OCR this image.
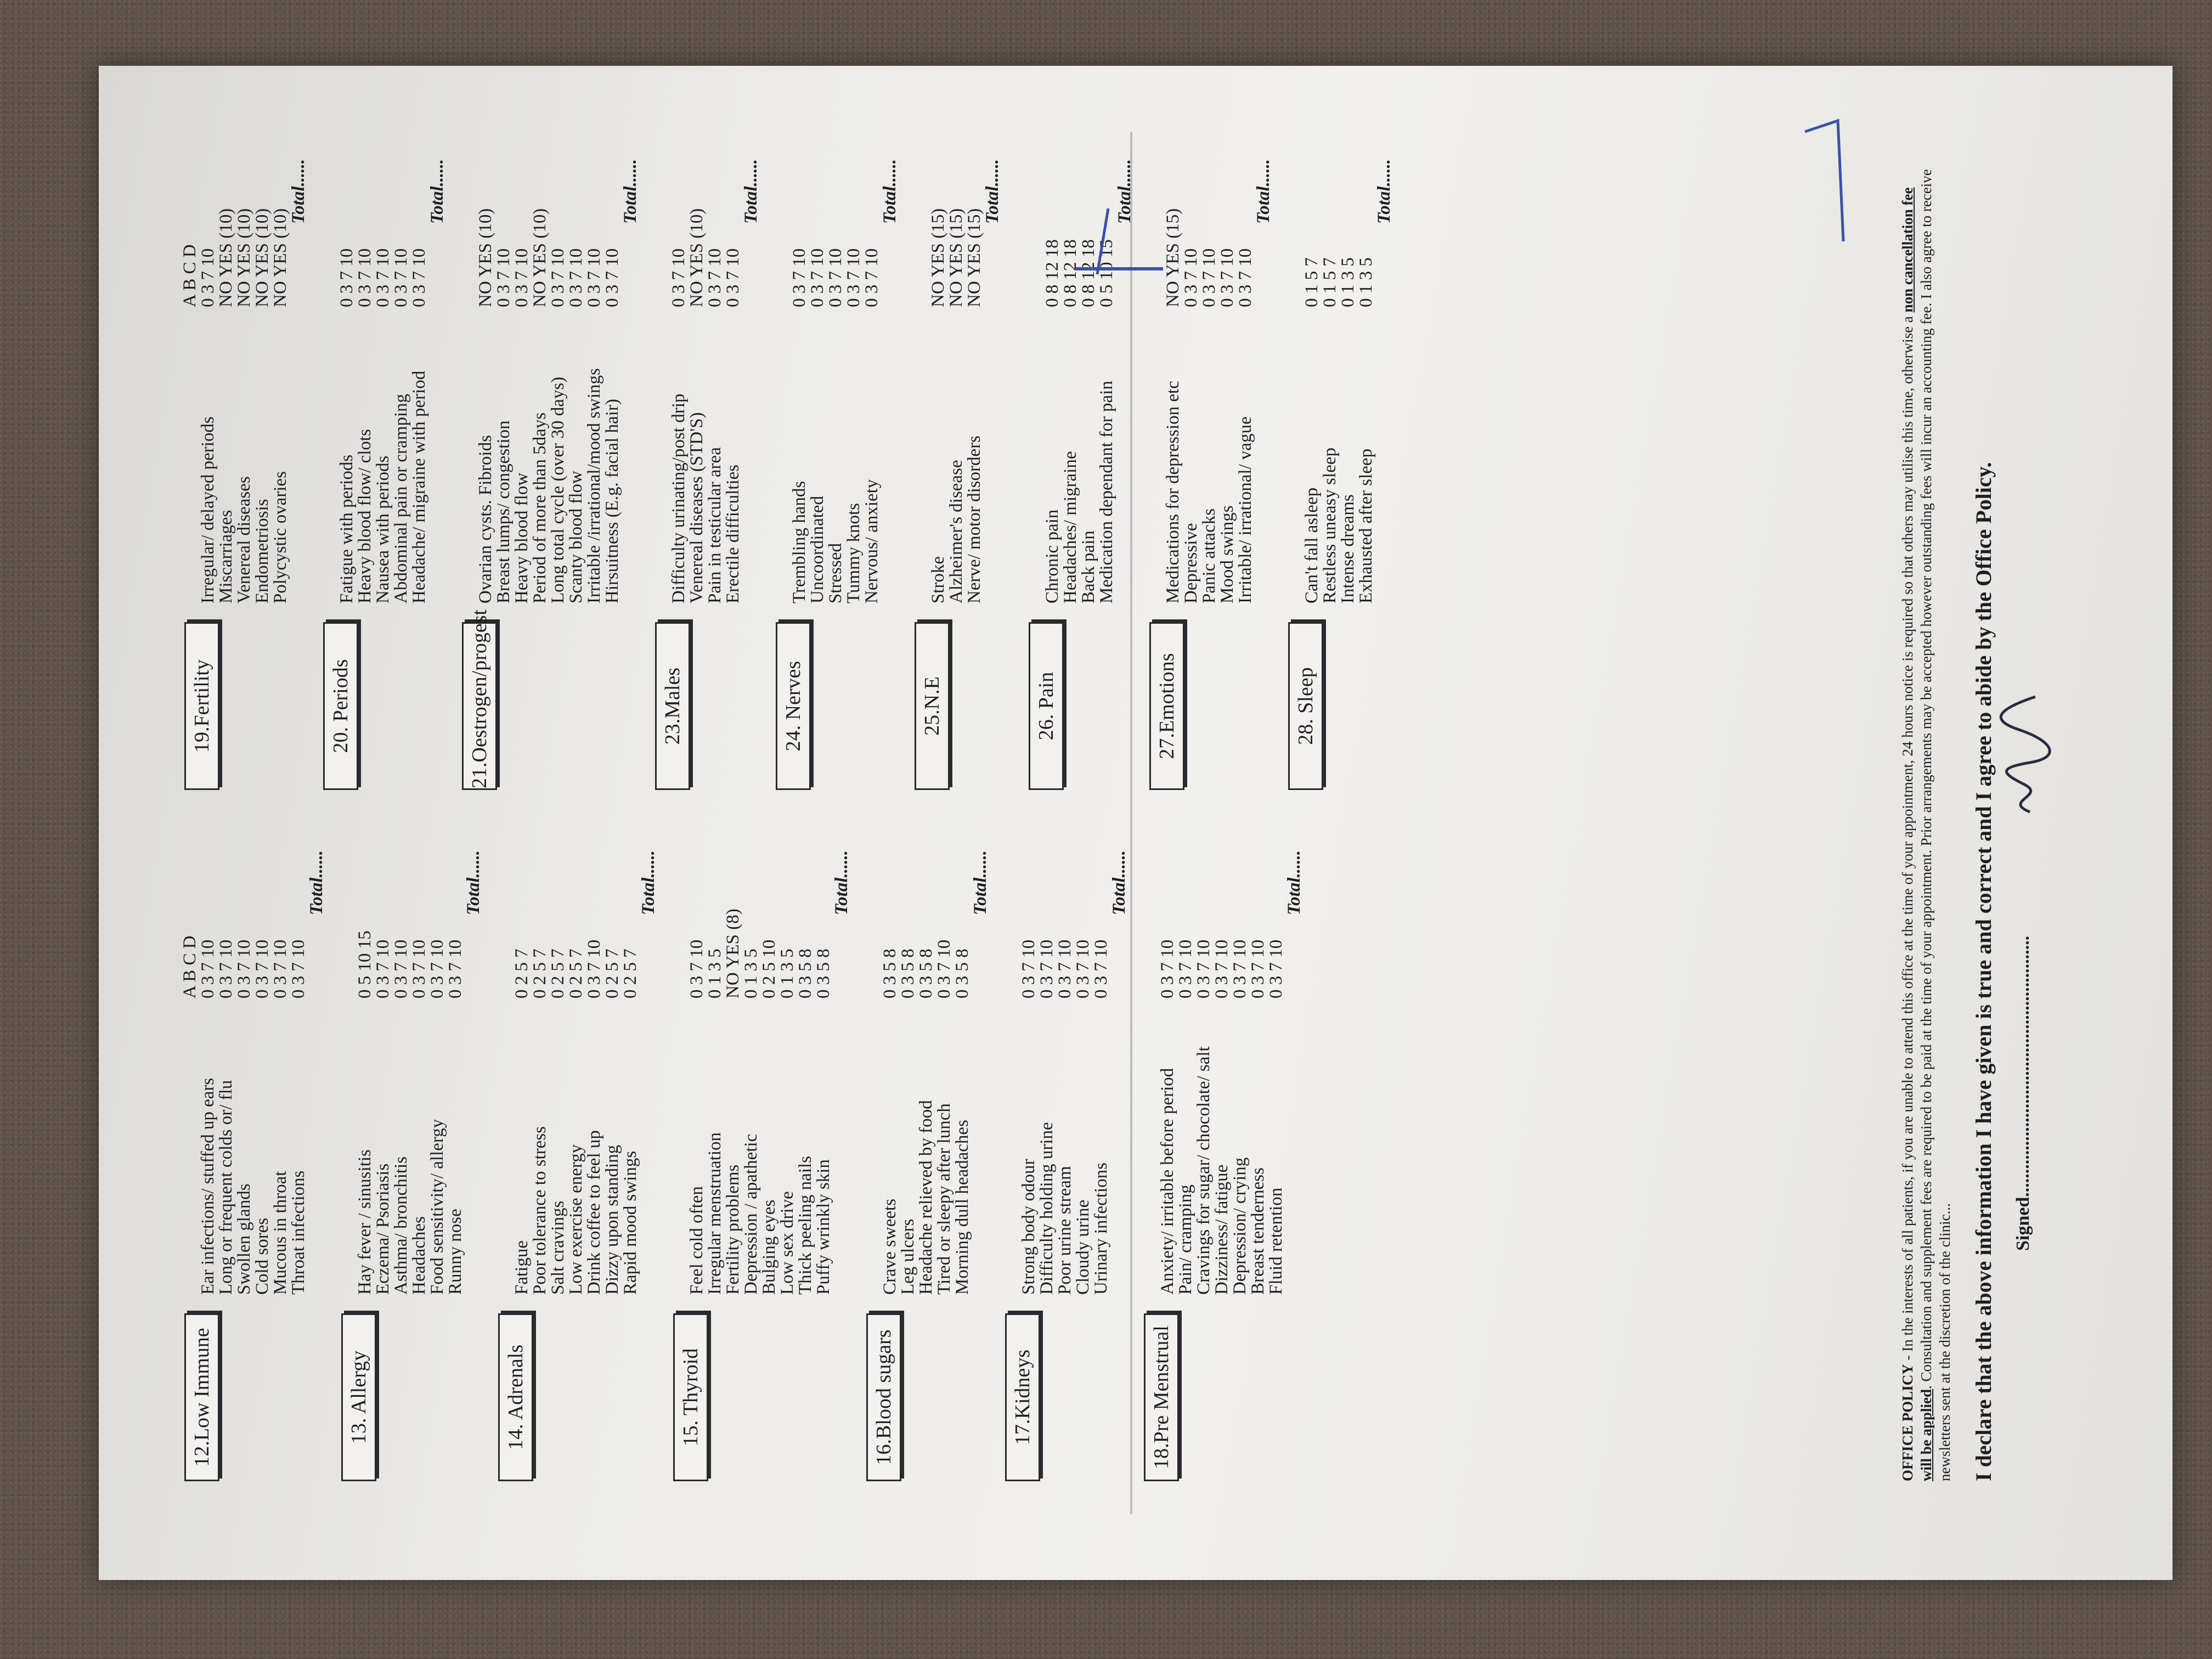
12.Low Immune
Ear infections/ stuffed up ears
Long or frequent colds or/ flu
Swollen glands
Cold sores
Mucous in throat
Throat infections
A B C D
0 3 7 10
0 3 7 10
0 3 7 10
0 3 7 10
0 3 7 10
0 3 7 10
Total......
13. Allergy
Hay fever / sinusitis
Eczema/ Psoriasis
Asthma/ bronchitis
Headaches
Food sensitivity/ allergy
Runny nose
0 5 10 15
0 3 7 10
0 3 7 10
0 3 7 10
0 3 7 10
0 3 7 10
Total......
14. Adrenals
Fatigue
Poor tolerance to stress
Salt cravings
Low exercise energy
Drink coffee to feel up
Dizzy upon standing
Rapid mood swings
0 2 5 7
0 2 5 7
0 2 5 7
0 2 5 7
0 3 7 10
0 2 5 7
0 2 5 7
Total......
15. Thyroid
Feel cold often
Irregular menstruation
Fertility problems
Depression / apathetic
Bulging eyes
Low sex drive
Thick peeling nails
Puffy wrinkly skin
0 3 7 10
0 1 3 5
NO YES (8)
0 1 3 5
0 2 5 10
0 1 3 5
0 3 5 8
0 3 5 8
Total......
16.Blood sugars
Crave sweets
Leg ulcers
Headache relieved by food
Tired or sleepy after lunch
Morning dull headaches
0 3 5 8
0 3 5 8
0 3 5 8
0 3 7 10
0 3 5 8
Total......
17.Kidneys
Strong body odour
Difficulty holding urine
Poor urine stream
Cloudy urine
Urinary infections
0 3 7 10
0 3 7 10
0 3 7 10
0 3 7 10
0 3 7 10
Total......
18.Pre Menstrual
Anxiety/ irritable before period
Pain/ cramping
Cravings for sugar/ chocolate/ salt
Dizziness/ fatigue
Depression/ crying
Breast tenderness
Fluid retention
0 3 7 10
0 3 7 10
0 3 7 10
0 3 7 10
0 3 7 10
0 3 7 10
0 3 7 10
Total......
19.Fertility
Irregular/ delayed periods
Miscarriages
Venereal diseases
Endometriosis
Polycystic ovaries
A B C D
0 3 7 10
NO YES (10)
NO YES (10)
NO YES (10)
NO YES (10)
Total......
20. Periods
Fatigue with periods
Heavy blood flow/ clots
Nausea with periods
Abdominal pain or cramping
Headache/ migraine with period
0 3 7 10
0 3 7 10
0 3 7 10
0 3 7 10
0 3 7 10
Total......
21.Oestrogen/progest
Ovarian cysts. Fibroids
Breast lumps/ congestion
Heavy blood flow
Period of more than 5days
Long total cycle (over 30 days)
Scanty blood flow
Irritable /irrational/mood swings
Hirsuitness (E.g. facial hair)
NO YES (10)
0 3 7 10
0 3 7 10
NO YES (10)
0 3 7 10
0 3 7 10
0 3 7 10
0 3 7 10
Total......
23.Males
Difficulty urinating/post drip
Venereal diseases (STD'S)
Pain in testicular area
Erectile difficulties
0 3 7 10
NO YES (10)
0 3 7 10
0 3 7 10
Total......
24. Nerves
Trembling hands
Uncoordinated
Stressed
Tummy knots
Nervous/ anxiety
0 3 7 10
0 3 7 10
0 3 7 10
0 3 7 10
0 3 7 10
Total......
25.N.E
Stroke
Alzheimer's disease
Nerve/ motor disorders
NO YES (15)
NO YES (15)
NO YES (15)
Total......
26. Pain
Chronic pain
Headaches/ migraine
Back pain
Medication dependant for pain
0 8 12 18
0 8 12 18
0 8 12 18
0 5 10 15
Total......
27.Emotions
Medications for depression etc
Depressive
Panic attacks
Mood swings
Irritable/ irrational/ vague
NO YES (15)
0 3 7 10
0 3 7 10
0 3 7 10
0 3 7 10
Total......
28. Sleep
Can't fall asleep
Restless uneasy sleep
Intense dreams
Exhausted after sleep
0 1 5 7
0 1 5 7
0 1 3 5
0 1 3 5
Total......
OFFICE POLICY - In the interests of all patients, if you are unable to attend this office at the time of your appointment, 24 hours notice is required so that others may utilise this time, otherwise a non cancellation fee will be applied. Consultation and supplement fees are required to be paid at the time of your appointment. Prior arrangements may be accepted however outstanding fees will incur an accounting fee. I also agree to receive newsletters sent at the discretion of the clinic... I declare that the above information I have given is true and correct and I agree to abide by the Office Policy. Signed........................................................
